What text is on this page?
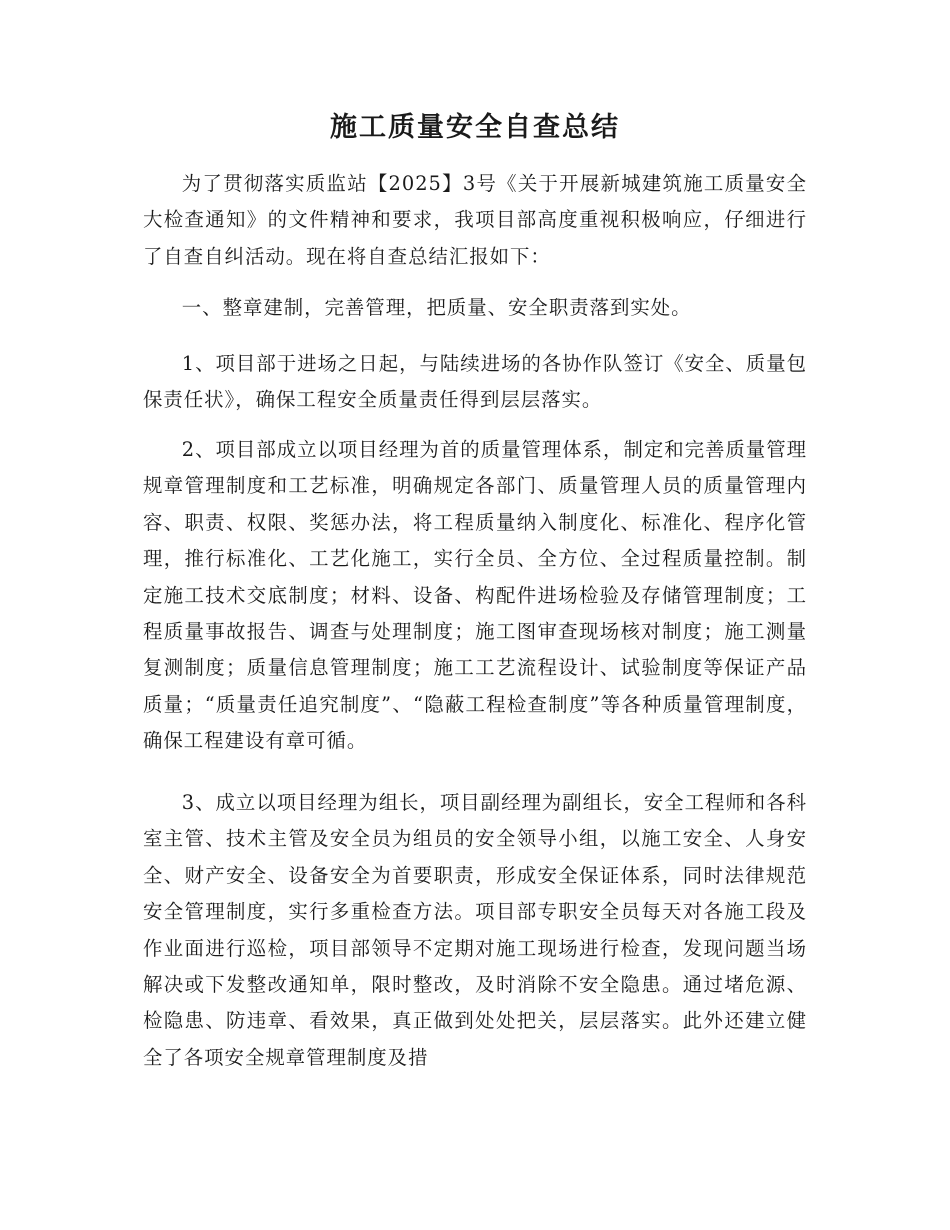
施工质量安全自查总结

为了贯彻落实质监站【2025】3号《关于开展新城建筑施工质量安全大检查通知》的文件精神和要求，我项目部高度重视积极响应，仔细进行了自查自纠活动。现在将自查总结汇报如下：

一、整章建制，完善管理，把质量、安全职责落到实处。

1、项目部于进场之日起，与陆续进场的各协作队签订《安全、质量包保责任状》，确保工程安全质量责任得到层层落实。

2、项目部成立以项目经理为首的质量管理体系，制定和完善质量管理规章管理制度和工艺标准，明确规定各部门、质量管理人员的质量管理内容、职责、权限、奖惩办法，将工程质量纳入制度化、标准化、程序化管理，推行标准化、工艺化施工，实行全员、全方位、全过程质量控制。制定施工技术交底制度；材料、设备、构配件进场检验及存储管理制度；工程质量事故报告、调查与处理制度；施工图审查现场核对制度；施工测量复测制度；质量信息管理制度；施工工艺流程设计、试验制度等保证产品质量；“质量责任追究制度”、“隐蔽工程检查制度”等各种质量管理制度，确保工程建设有章可循。

3、成立以项目经理为组长，项目副经理为副组长，安全工程师和各科室主管、技术主管及安全员为组员的安全领导小组，以施工安全、人身安全、财产安全、设备安全为首要职责，形成安全保证体系，同时法律规范安全管理制度，实行多重检查方法。项目部专职安全员每天对各施工段及作业面进行巡检，项目部领导不定期对施工现场进行检查，发现问题当场解决或下发整改通知单，限时整改，及时消除不安全隐患。通过堵危源、检隐患、防违章、看效果，真正做到处处把关，层层落实。此外还建立健全了各项安全规章管理制度及措
